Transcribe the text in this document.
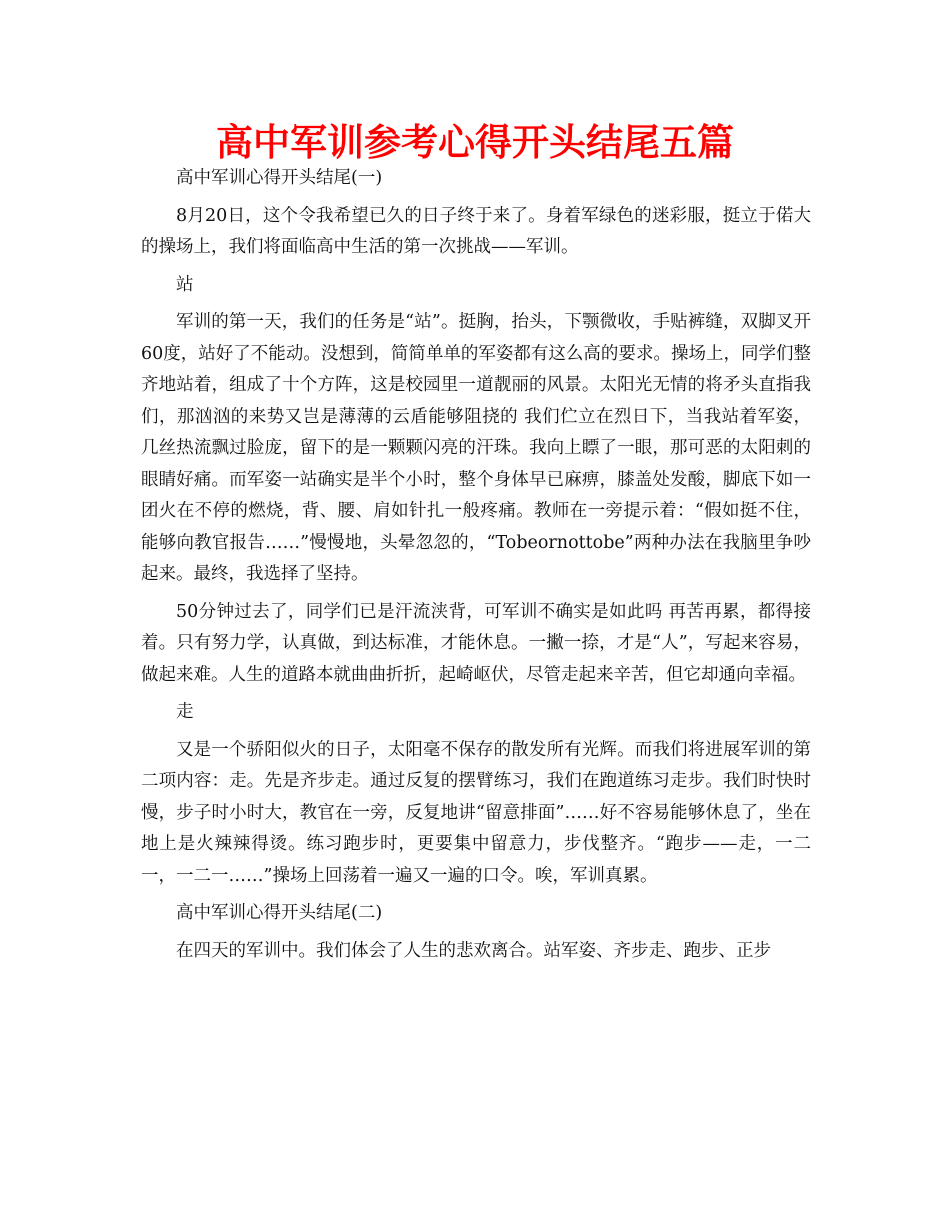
高中军训参考心得开头结尾五篇

高中军训心得开头结尾(一)

8月20日，这个令我希望已久的日子终于来了。身着军绿色的迷彩服，挺立于偌大的操场上，我们将面临高中生活的第一次挑战——军训。

站

军训的第一天，我们的任务是“站”。挺胸，抬头，下颚微收，手贴裤缝，双脚叉开60度，站好了不能动。没想到，简简单单的军姿都有这么高的要求。操场上，同学们整齐地站着，组成了十个方阵，这是校园里一道靓丽的风景。太阳光无情的将矛头直指我们，那汹汹的来势又岂是薄薄的云盾能够阻挠的 我们伫立在烈日下，当我站着军姿，几丝热流飘过脸庞，留下的是一颗颗闪亮的汗珠。我向上瞟了一眼，那可恶的太阳刺的眼睛好痛。而军姿一站确实是半个小时，整个身体早已麻痹，膝盖处发酸，脚底下如一团火在不停的燃烧，背、腰、肩如针扎一般疼痛。教师在一旁提示着：“假如挺不住，能够向教官报告……”慢慢地，头晕忽忽的，“Tobeornottobe”两种办法在我脑里争吵起来。最终，我选择了坚持。

50分钟过去了，同学们已是汗流浃背，可军训不确实是如此吗 再苦再累，都得接着。只有努力学，认真做，到达标准，才能休息。一撇一捺，才是“人”，写起来容易，做起来难。人生的道路本就曲曲折折，起崎岖伏，尽管走起来辛苦，但它却通向幸福。

走

又是一个骄阳似火的日子，太阳毫不保存的散发所有光辉。而我们将进展军训的第二项内容：走。先是齐步走。通过反复的摆臂练习，我们在跑道练习走步。我们时快时慢，步子时小时大，教官在一旁，反复地讲“留意排面”……好不容易能够休息了，坐在地上是火辣辣得烫。练习跑步时，更要集中留意力，步伐整齐。“跑步——走，一二一，一二一……”操场上回荡着一遍又一遍的口令。唉，军训真累。

高中军训心得开头结尾(二)

在四天的军训中。我们体会了人生的悲欢离合。站军姿、齐步走、跑步、正步
